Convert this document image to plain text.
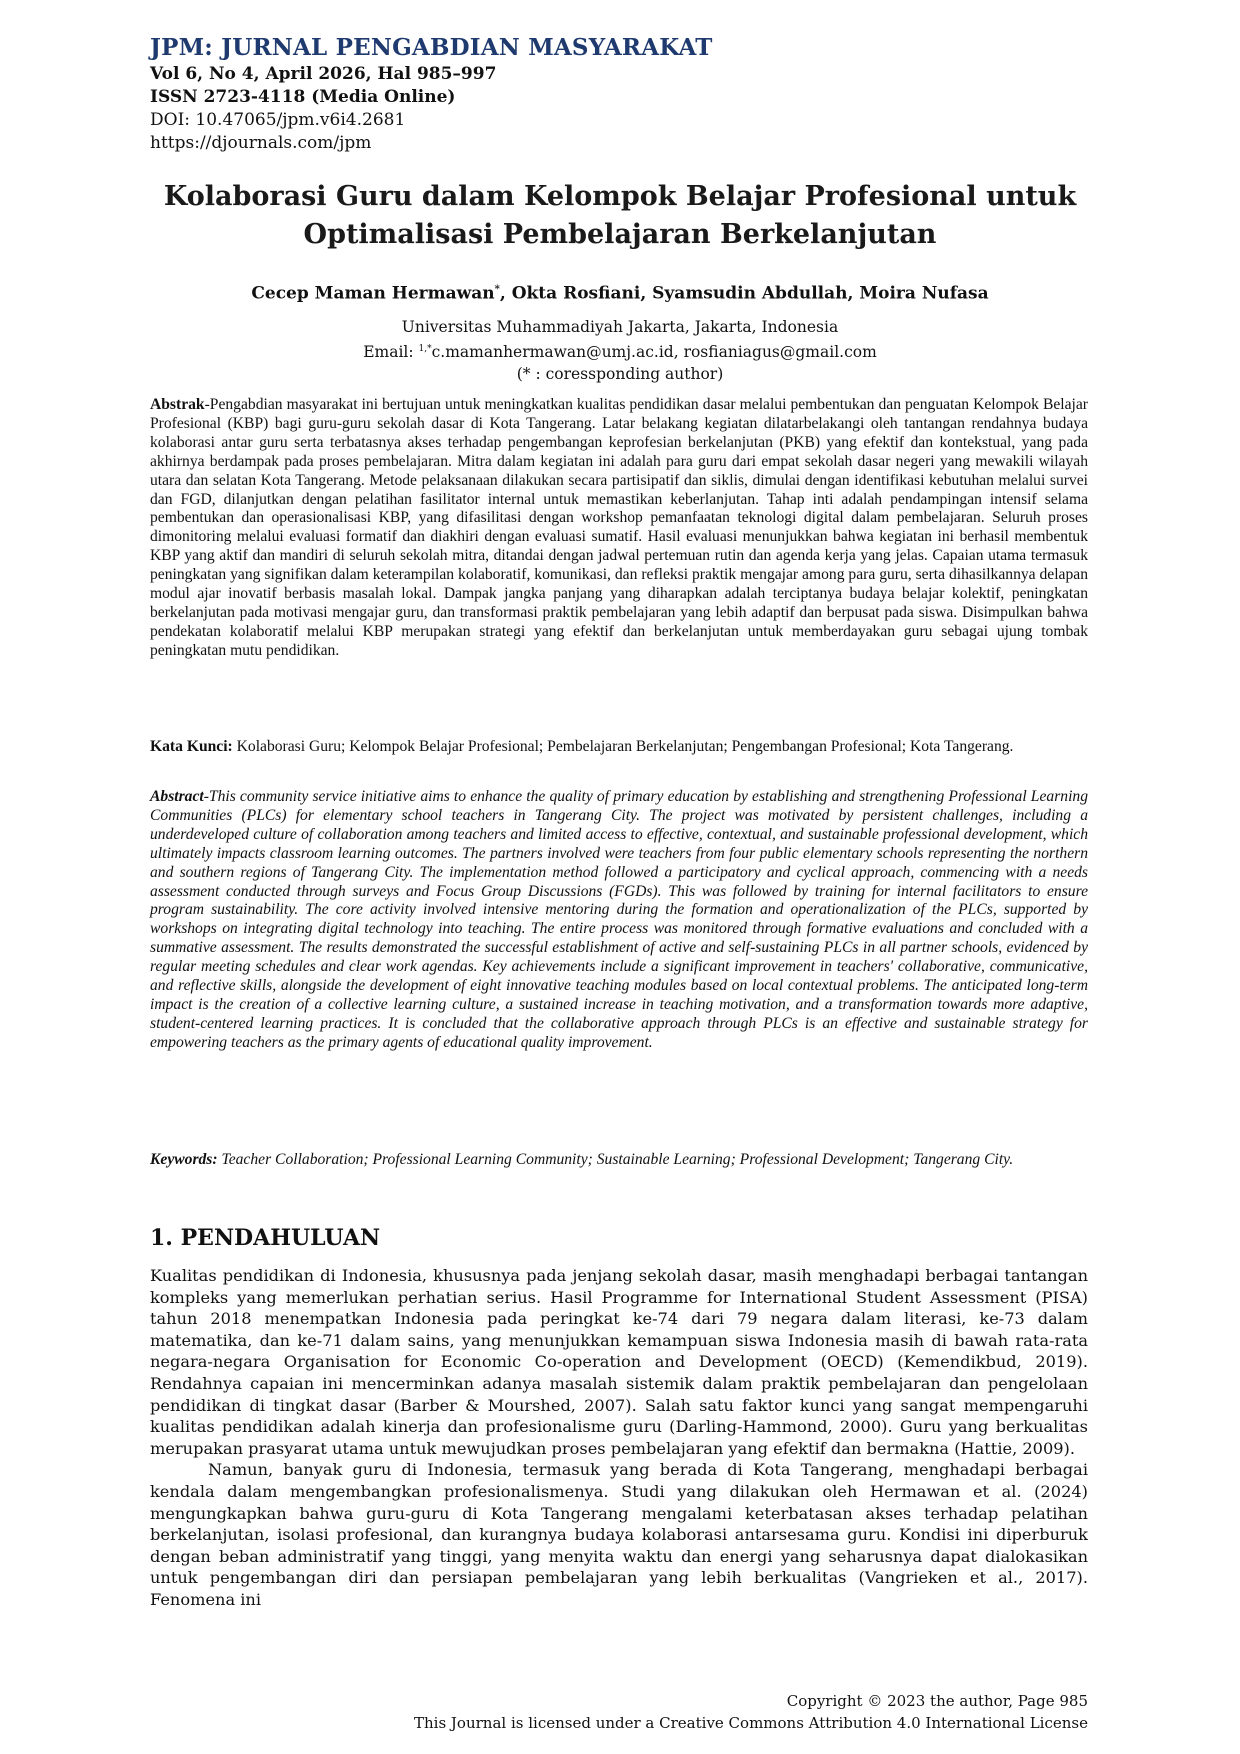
JPM: JURNAL PENGABDIAN MASYARAKAT
Vol 6, No 4, April 2026, Hal 985–997
ISSN 2723-4118 (Media Online)
DOI: 10.47065/jpm.v6i4.2681
https://djournals.com/jpm
Kolaborasi Guru dalam Kelompok Belajar Profesional untuk
Optimalisasi Pembelajaran Berkelanjutan
Cecep Maman Hermawan*, Okta Rosfiani, Syamsudin Abdullah, Moira Nufasa
Universitas Muhammadiyah Jakarta, Jakarta, Indonesia
Email: $^{1,*}$c.mamanhermawan@umj.ac.id, rosfianiagus@gmail.com
(* : coressponding author)
Abstrak-Pengabdian masyarakat ini bertujuan untuk meningkatkan kualitas pendidikan dasar melalui pembentukan dan penguatan Kelompok Belajar Profesional (KBP) bagi guru-guru sekolah dasar di Kota Tangerang. Latar belakang kegiatan dilatarbelakangi oleh tantangan rendahnya budaya kolaborasi antar guru serta terbatasnya akses terhadap pengembangan keprofesian berkelanjutan (PKB) yang efektif dan kontekstual, yang pada akhirnya berdampak pada proses pembelajaran. Mitra dalam kegiatan ini adalah para guru dari empat sekolah dasar negeri yang mewakili wilayah utara dan selatan Kota Tangerang. Metode pelaksanaan dilakukan secara partisipatif dan siklis, dimulai dengan identifikasi kebutuhan melalui survei dan FGD, dilanjutkan dengan pelatihan fasilitator internal untuk memastikan keberlanjutan. Tahap inti adalah pendampingan intensif selama pembentukan dan operasionalisasi KBP, yang difasilitasi dengan workshop pemanfaatan teknologi digital dalam pembelajaran. Seluruh proses dimonitoring melalui evaluasi formatif dan diakhiri dengan evaluasi sumatif. Hasil evaluasi menunjukkan bahwa kegiatan ini berhasil membentuk KBP yang aktif dan mandiri di seluruh sekolah mitra, ditandai dengan jadwal pertemuan rutin dan agenda kerja yang jelas. Capaian utama termasuk peningkatan yang signifikan dalam keterampilan kolaboratif, komunikasi, dan refleksi praktik mengajar among para guru, serta dihasilkannya delapan modul ajar inovatif berbasis masalah lokal. Dampak jangka panjang yang diharapkan adalah terciptanya budaya belajar kolektif, peningkatan berkelanjutan pada motivasi mengajar guru, dan transformasi praktik pembelajaran yang lebih adaptif dan berpusat pada siswa. Disimpulkan bahwa pendekatan kolaboratif melalui KBP merupakan strategi yang efektif dan berkelanjutan untuk memberdayakan guru sebagai ujung tombak peningkatan mutu pendidikan.
Kata Kunci: Kolaborasi Guru; Kelompok Belajar Profesional; Pembelajaran Berkelanjutan; Pengembangan Profesional; Kota Tangerang.
Abstract-This community service initiative aims to enhance the quality of primary education by establishing and strengthening Professional Learning Communities (PLCs) for elementary school teachers in Tangerang City. The project was motivated by persistent challenges, including a underdeveloped culture of collaboration among teachers and limited access to effective, contextual, and sustainable professional development, which ultimately impacts classroom learning outcomes. The partners involved were teachers from four public elementary schools representing the northern and southern regions of Tangerang City. The implementation method followed a participatory and cyclical approach, commencing with a needs assessment conducted through surveys and Focus Group Discussions (FGDs). This was followed by training for internal facilitators to ensure program sustainability. The core activity involved intensive mentoring during the formation and operationalization of the PLCs, supported by workshops on integrating digital technology into teaching. The entire process was monitored through formative evaluations and concluded with a summative assessment. The results demonstrated the successful establishment of active and self-sustaining PLCs in all partner schools, evidenced by regular meeting schedules and clear work agendas. Key achievements include a significant improvement in teachers' collaborative, communicative, and reflective skills, alongside the development of eight innovative teaching modules based on local contextual problems. The anticipated long-term impact is the creation of a collective learning culture, a sustained increase in teaching motivation, and a transformation towards more adaptive, student-centered learning practices. It is concluded that the collaborative approach through PLCs is an effective and sustainable strategy for empowering teachers as the primary agents of educational quality improvement.
Keywords: Teacher Collaboration; Professional Learning Community; Sustainable Learning; Professional Development; Tangerang City.
1. PENDAHULUAN

Kualitas pendidikan di Indonesia, khususnya pada jenjang sekolah dasar, masih menghadapi berbagai tantangan kompleks yang memerlukan perhatian serius. Hasil Programme for International Student Assessment (PISA) tahun 2018 menempatkan Indonesia pada peringkat ke-74 dari 79 negara dalam literasi, ke-73 dalam matematika, dan ke-71 dalam sains, yang menunjukkan kemampuan siswa Indonesia masih di bawah rata-rata negara-negara Organisation for Economic Co-operation and Development (OECD) (Kemendikbud, 2019). Rendahnya capaian ini mencerminkan adanya masalah sistemik dalam praktik pembelajaran dan pengelolaan pendidikan di tingkat dasar (Barber & Mourshed, 2007). Salah satu faktor kunci yang sangat mempengaruhi kualitas pendidikan adalah kinerja dan profesionalisme guru (Darling-Hammond, 2000). Guru yang berkualitas merupakan prasyarat utama untuk mewujudkan proses pembelajaran yang efektif dan bermakna (Hattie, 2009).

Namun, banyak guru di Indonesia, termasuk yang berada di Kota Tangerang, menghadapi berbagai kendala dalam mengembangkan profesionalismenya. Studi yang dilakukan oleh Hermawan et al. (2024) mengungkapkan bahwa guru-guru di Kota Tangerang mengalami keterbatasan akses terhadap pelatihan berkelanjutan, isolasi profesional, dan kurangnya budaya kolaborasi antarsesama guru. Kondisi ini diperburuk dengan beban administratif yang tinggi, yang menyita waktu dan energi yang seharusnya dapat dialokasikan untuk pengembangan diri dan persiapan pembelajaran yang lebih berkualitas (Vangrieken et al., 2017). Fenomena ini

Copyright © 2023 the author, Page 985
This Journal is licensed under a Creative Commons Attribution 4.0 International License
